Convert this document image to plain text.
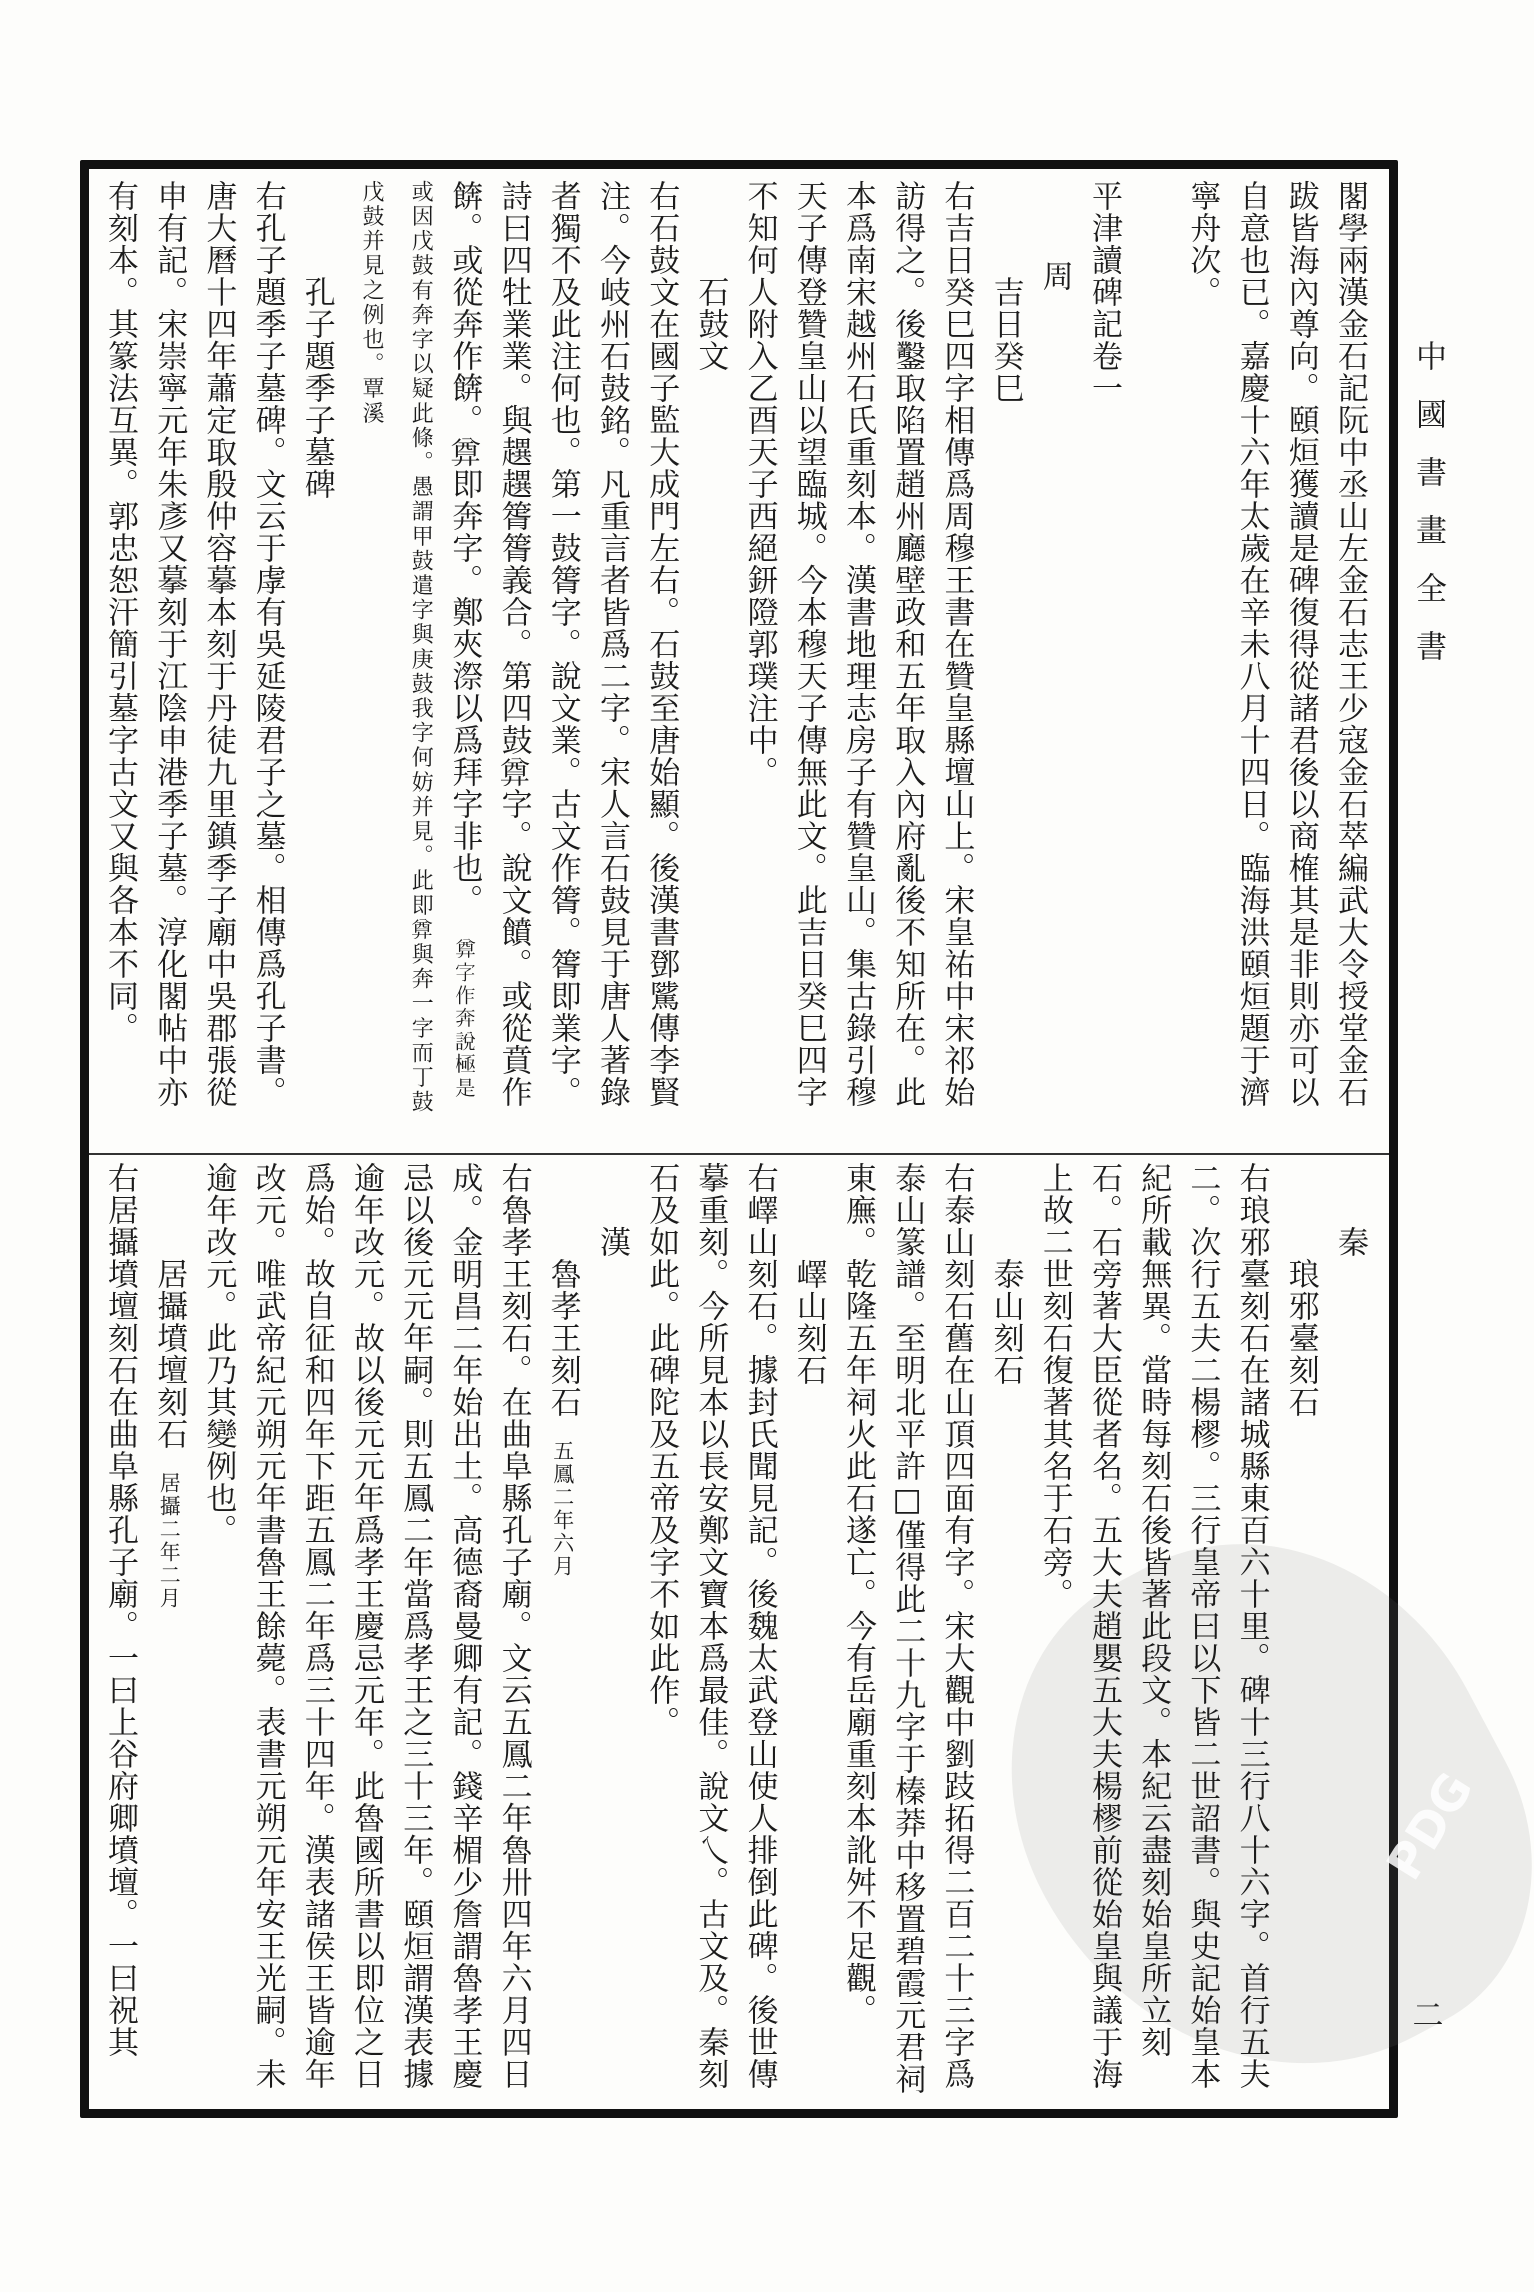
PDG
中國書畫全書
二
閣學兩漢金石記阮中丞山左金石志王少寇金石萃編武大令授堂金石
跋皆海內尊向。頤烜獲讀是碑復得從諸君後以商榷其是非則亦可以
自意也已。嘉慶十六年太歲在辛未八月十四日。臨海洪頤烜題于濟
寧舟次。
平津讀碑記卷一
周
吉日癸巳
右吉日癸巳四字相傳爲周穆王書在贊皇縣壇山上。宋皇祐中宋祁始
訪得之。後鑿取陷置趙州廳壁政和五年取入內府亂後不知所在。此
本爲南宋越州石氏重刻本。漢書地理志房子有贊皇山。集古錄引穆
天子傳登贊皇山以望臨城。今本穆天子傳無此文。此吉日癸巳四字
不知何人附入乙酉天子西絕鈃隥郭璞注中。
石鼓文
右石鼓文在國子監大成門左右。石鼓至唐始顯。後漢書鄧騭傳李賢
注。今岐州石鼓銘。凡重言者皆爲二字。宋人言石鼓見于唐人著錄
者獨不及此注何也。第一鼓䈝字。說文業。古文作䈝。䈝即業字。
詩曰四牡業業。與趩趩䈝䈝義合。第四鼓𢍜字。說文饙。或從賁作
餴。或從奔作餴。𢍜即奔字。鄭夾漈以爲拜字非也。𢍜字作奔說極是
或因戊鼓有奔字以疑此條。愚謂甲鼓遣字與庚鼓我字何妨并見。此即𢍜與奔一字而丁鼓
戊鼓并見之例也。覃溪
孔子題季子墓碑
右孔子題季子墓碑。文云于虖有吳延陵君子之墓。相傳爲孔子書。
唐大曆十四年蕭定取殷仲容摹本刻于丹徒九里鎮季子廟中吳郡張從
申有記。宋崇寧元年朱彥又摹刻于江陰申港季子墓。淳化閣帖中亦
有刻本。其篆法互異。郭忠恕汗簡引墓字古文又與各本不同。
秦
琅邪臺刻石
右琅邪臺刻石在諸城縣東百六十里。碑十三行八十六字。首行五夫
二。次行五夫二楊樛。三行皇帝曰以下皆二世詔書。與史記始皇本
紀所載無異。當時每刻石後皆著此段文。本紀云盡刻始皇所立刻
石。石旁著大臣從者名。五大夫趙嬰五大夫楊樛前從始皇與議于海
上故二世刻石復著其名于石旁。
泰山刻石
右泰山刻石舊在山頂四面有字。宋大觀中劉跂拓得二百二十三字爲
泰山篆譜。至明北平許□僅得此二十九字于榛莽中移置碧霞元君祠
東廡。乾隆五年祠火此石遂亡。今有岳廟重刻本訛舛不足觀。
嶧山刻石
右嶧山刻石。據封氏聞見記。後魏太武登山使人排倒此碑。後世傳
摹重刻。今所見本以長安鄭文寶本爲最佳。說文乀。古文及。秦刻
石及如此。此碑陀及五帝及字不如此作。
漢
魯孝王刻石五鳳二年六月
右魯孝王刻石。在曲阜縣孔子廟。文云五鳳二年魯卅四年六月四日
成。金明昌二年始出土。高德裔曼卿有記。錢辛楣少詹謂魯孝王慶
忌以後元元年嗣。則五鳳二年當爲孝王之三十三年。頤烜謂漢表據
逾年改元。故以後元元年爲孝王慶忌元年。此魯國所書以即位之日
爲始。故自征和四年下距五鳳二年爲三十四年。漢表諸侯王皆逾年
改元。唯武帝紀元朔元年書魯王餘薨。表書元朔元年安王光嗣。未
逾年改元。此乃其變例也。
居攝墳壇刻石居攝二年二月
右居攝墳壇刻石在曲阜縣孔子廟。一曰上谷府卿墳壇。一曰祝其
